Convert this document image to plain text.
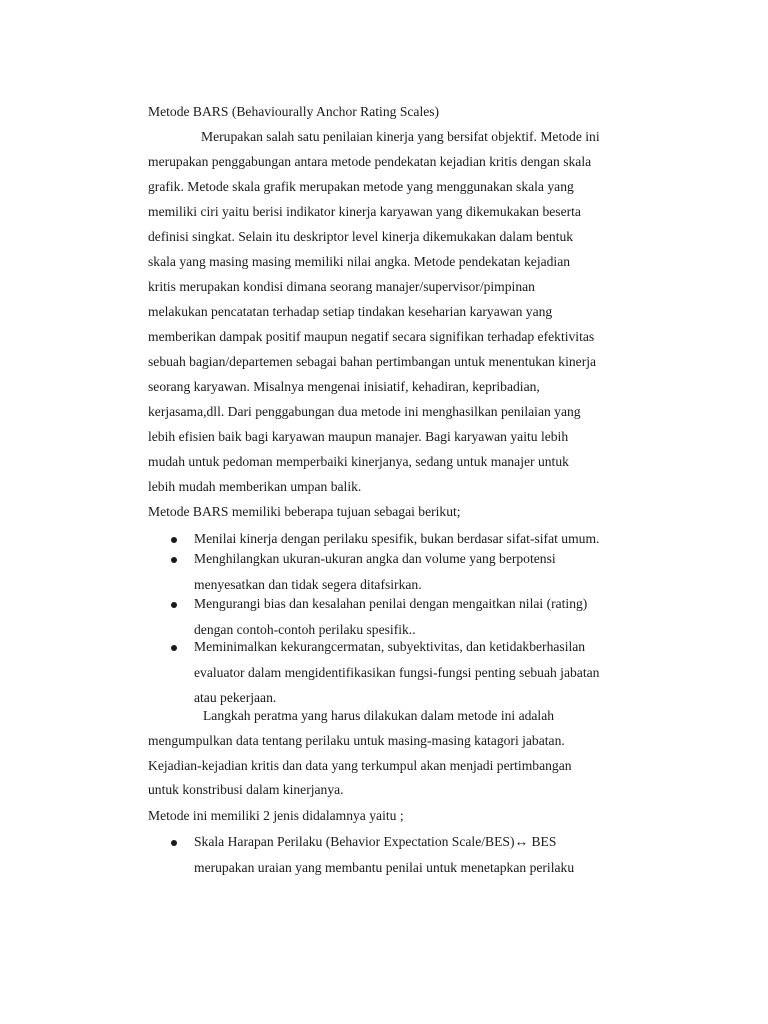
Metode BARS (Behaviourally Anchor Rating Scales)
Merupakan salah satu penilaian kinerja yang bersifat objektif. Metode ini
merupakan penggabungan antara metode pendekatan kejadian kritis dengan skala
grafik. Metode skala grafik merupakan metode yang menggunakan skala yang
memiliki ciri yaitu berisi indikator kinerja karyawan yang dikemukakan beserta
definisi singkat. Selain itu deskriptor level kinerja dikemukakan dalam bentuk
skala yang masing masing memiliki nilai angka. Metode pendekatan kejadian
kritis merupakan kondisi dimana seorang manajer/supervisor/pimpinan
melakukan pencatatan terhadap setiap tindakan keseharian karyawan yang
memberikan dampak positif maupun negatif secara signifikan terhadap efektivitas
sebuah bagian/departemen sebagai bahan pertimbangan untuk menentukan kinerja
seorang karyawan. Misalnya mengenai inisiatif, kehadiran, kepribadian,
kerjasama,dll. Dari penggabungan dua metode ini menghasilkan penilaian yang
lebih efisien baik bagi karyawan maupun manajer. Bagi karyawan yaitu lebih
mudah untuk pedoman memperbaiki kinerjanya, sedang untuk manajer untuk
lebih mudah memberikan umpan balik.
Metode BARS memiliki beberapa tujuan sebagai berikut;
Menilai kinerja dengan perilaku spesifik, bukan berdasar sifat-sifat umum.
Menghilangkan ukuran-ukuran angka dan volume yang berpotensi
menyesatkan dan tidak segera ditafsirkan.
Mengurangi bias dan kesalahan penilai dengan mengaitkan nilai (rating)
dengan contoh-contoh perilaku spesifik..
Meminimalkan kekurangcermatan, subyektivitas, dan ketidakberhasilan
evaluator dalam mengidentifikasikan fungsi-fungsi penting sebuah jabatan
atau pekerjaan.
Langkah peratma yang harus dilakukan dalam metode ini adalah
mengumpulkan data tentang perilaku untuk masing-masing katagori jabatan.
Kejadian-kejadian kritis dan data yang terkumpul akan menjadi pertimbangan
untuk konstribusi dalam kinerjanya.
Metode ini memiliki 2 jenis didalamnya yaitu ;
Skala Harapan Perilaku (Behavior Expectation Scale/BES)↔ BES
merupakan uraian yang membantu penilai untuk menetapkan perilaku
